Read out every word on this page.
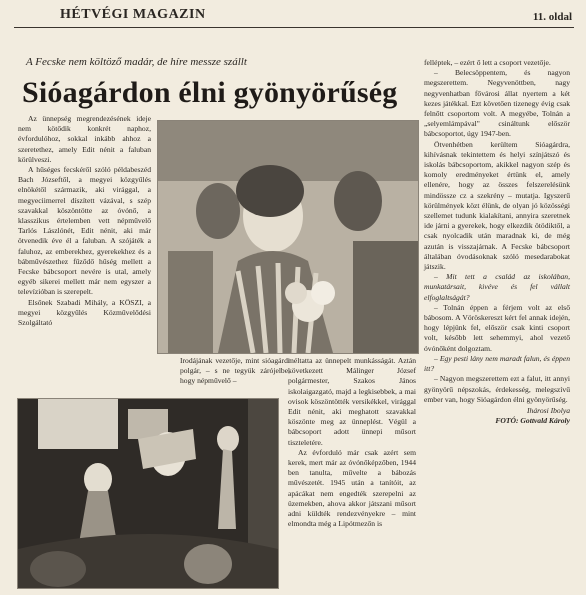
HÉTVÉGI MAGAZIN	11. oldal
A Fecske nem költöző madár, de híre messze szállt
Sióagárdon élni gyönyörűség

Az ünnepség megrendezésének ideje nem kötődik konkrét naphoz, évfordulóhoz, sokkal inkább ahhoz a szeretethez, amely Edit nénit a faluban körülveszi.

A hűséges fecskéről szóló példabeszéd Bach Józseftől, a megyei közgyűlés elnökétől származik, aki virággal, a megyeciimerrel díszített vázával, s szép szavakkal köszöntötte az óvónő, a klasszikus értelemben vett népművelő Tarlós Lászlónét, Edit nénit, aki már ötvenedik éve él a faluban. A szójáték a faluhoz, az emberekhez, gyerekekhez és a bábművészethez fűződő hűség mellett a Fecske bábcsoport nevére is utal, amely egyéb sikerei mellett már nem egyszer a televízióban is szerepelt.

Elsőnek Szabadi Mihály, a KÖSZI, a megyei közgyűlés Közművelődési Szolgáltató

Irodájának vezetője, mint sióagárdi polgár, – s ne tegyük zárójelbe, hogy népművelő –

méltatta az ünnepelt munkásságát. Aztán következett Málinger József polgármester, Szakos János iskolaigazgató, majd a legkisebbek, a mai ovisok köszöntötték versikékkel, virággal Edit nénit, aki meghatott szavakkal köszönte meg az ünneplést. Végül a bábcsoport adott ünnepi műsort tiszteletére.

Az évforduló már csak azért sem kerek, mert már az óvónőképzőben, 1944 ben tanulta, művelte a bábozás művészetét. 1945 után a tanítóit, az apácákat nem engedték szerepelni az üzemekben, ahova akkor játszani műsort adni küldték rendezvényekre – mint elmondta még a Lipótmezőn is

felléptek, – ezért ő lett a csoport vezetője.

– Belecsöppentem, és nagyon megszerettem. Negyvenöttben, nagy negyvenhatban fővárosi állat nyertem a két kezes játékkal. Ezt követően tizenegy évig csak felnőtt csoportom volt. A megyébe, Tolnán a „selyemlámpával" csináltunk először bábcsoportot, úgy 1947-ben.

Ötvenhétben kerültem Sióagárdra, kihívásnak tekintettem és helyi színjátszó és iskolás bábcsoportom, akikkel nagyon szép és komoly eredményeket értünk el, amely ellenére, hogy az összes felszerelésünk mindössze cz a szekrény – mutatja. Igyszerű körülmények közt élünk, de olyan jó közösségi szellemet tudunk kialakítani, annyira szeretnek ide járni a gyerekek, hogy elkezdik ötödiktől, a csak nyolcadik után maradnak ki, de még azután is visszajárnak. A Fecske bábcsoport általában óvodásoknak szóló mesedarabokat játszik.

– Mit tett a család az iskolában, munkatársait, kivéve és fel vállalt elfoglaltságát?

– Tolnán éppen a férjem volt az első bábosom. A Vöröskereszt kért fel annak idején, hogy lépjünk fel, először csak kinti csoport volt, később lett sehemmyi, ahol vezető óvónőként dolgoztam.

– Egy pesti lány nem maradt falun, és éppen itt?

– Nagyon megszerettem ezt a falut, itt annyi gyönyörű népszokás, érdekesség, melegszívű ember van, hogy Sióagárdon élni gyönyörűség.

Ihárosi Ibolya

FOTÓ: Gottvald Károly
